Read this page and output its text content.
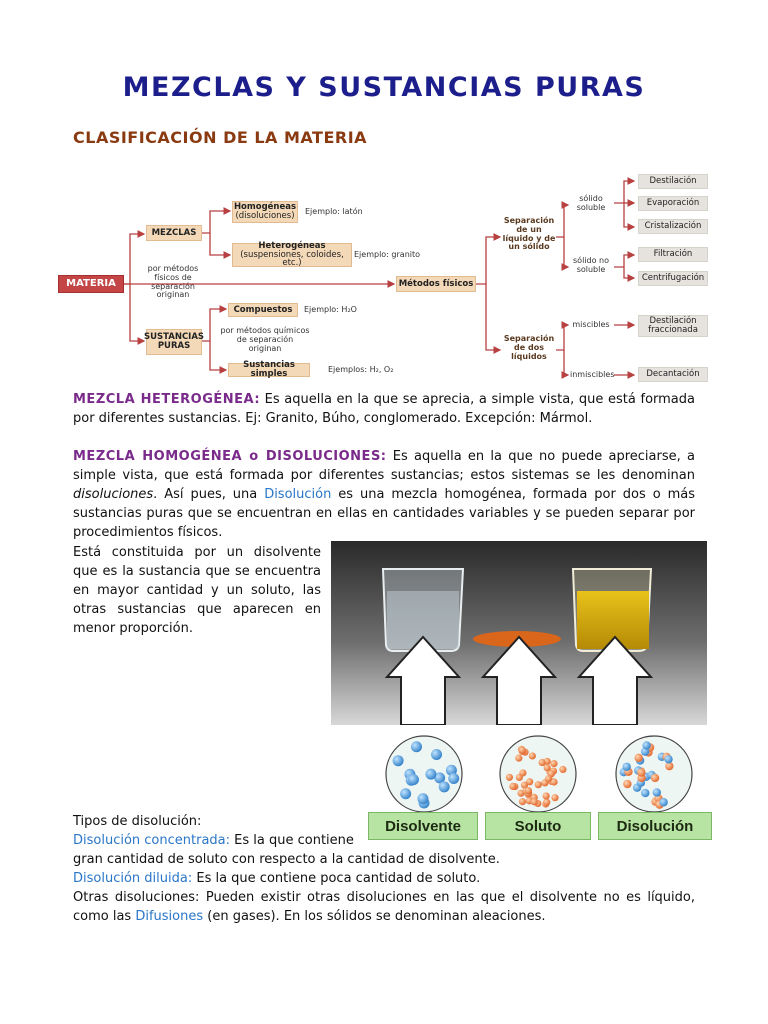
MEZCLAS Y SUSTANCIAS PURAS
CLASIFICACIÓN DE LA MATERIA
MATERIA
MEZCLAS
SUSTANCIAS PURAS
por métodos físicos de separación originan
Homogéneas
(disoluciones) Ejemplo: latón
Heterogéneas
(suspensiones, coloides, etc.)
Ejemplo: granito
Compuestos	Ejemplo: H₂O
por métodos químicos de separación originan
Sustancias simples	Ejemplos: H₂, O₂
Métodos físicos
Separación de un líquido y de un sólido
Separación de dos líquidos
sólido soluble
sólido no soluble
miscibles
inmiscibles
Destilación
Evaporación
Cristalización
Filtración
Centrifugación
Destilación fraccionada
Decantación
MEZCLA HETEROGÉNEA: Es aquella en la que se aprecia, a simple vista, que está formada por diferentes sustancias. Ej: Granito, Búho, conglomerado. Excepción: Mármol.
MEZCLA HOMOGÉNEA o DISOLUCIONES: Es aquella en la que no puede apreciarse, a simple vista, que está formada por diferentes sustancias; estos sistemas se les denominan disoluciones. Así pues, una Disolución es una mezcla homogénea, formada por dos o más sustancias puras que se encuentran en ellas en cantidades variables y se pueden separar por procedimientos físicos.
Está constituida por un disolvente que es la sustancia que se encuentra en mayor cantidad y un soluto, las otras sustancias que aparecen en menor proporción.
Disolvente	Soluto	Disolución
Tipos de disolución:
Disolución concentrada: Es la que contiene
gran cantidad de soluto con respecto a la cantidad de disolvente.
Disolución diluida: Es la que contiene poca cantidad de soluto.
Otras disoluciones: Pueden existir otras disoluciones en las que el disolvente no es líquido, como las Difusiones (en gases). En los sólidos se denominan aleaciones.
